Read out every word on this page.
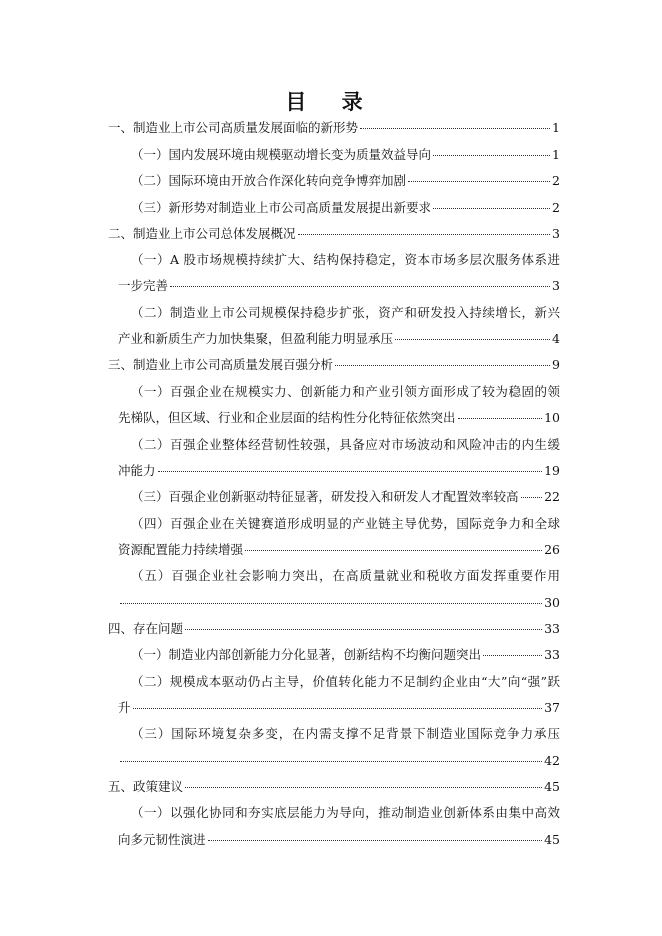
目 录
一、制造业上市公司高质量发展面临的新形势	1
（一）国内发展环境由规模驱动增长变为质量效益导向	1
（二）国际环境由开放合作深化转向竞争博弈加剧	2
（三）新形势对制造业上市公司高质量发展提出新要求	2
二、制造业上市公司总体发展概况	3
（一）A 股市场规模持续扩大、结构保持稳定，资本市场多层次服务体系进
一步完善	3
（二）制造业上市公司规模保持稳步扩张，资产和研发投入持续增长，新兴
产业和新质生产力加快集聚，但盈利能力明显承压	4
三、制造业上市公司高质量发展百强分析	9
（一）百强企业在规模实力、创新能力和产业引领方面形成了较为稳固的领
先梯队，但区域、行业和企业层面的结构性分化特征依然突出	10
（二）百强企业整体经营韧性较强，具备应对市场波动和风险冲击的内生缓
冲能力	19
（三）百强企业创新驱动特征显著，研发投入和研发人才配置效率较高 22
（四）百强企业在关键赛道形成明显的产业链主导优势，国际竞争力和全球
资源配置能力持续增强	26
（五）百强企业社会影响力突出，在高质量就业和税收方面发挥重要作用
30
四、存在问题	33
（一）制造业内部创新能力分化显著，创新结构不均衡问题突出	33
（二）规模成本驱动仍占主导，价值转化能力不足制约企业由“大”向“强”跃
升	37
（三）国际环境复杂多变，在内需支撑不足背景下制造业国际竞争力承压
42
五、政策建议	45
（一）以强化协同和夯实底层能力为导向，推动制造业创新体系由集中高效
向多元韧性演进	45
